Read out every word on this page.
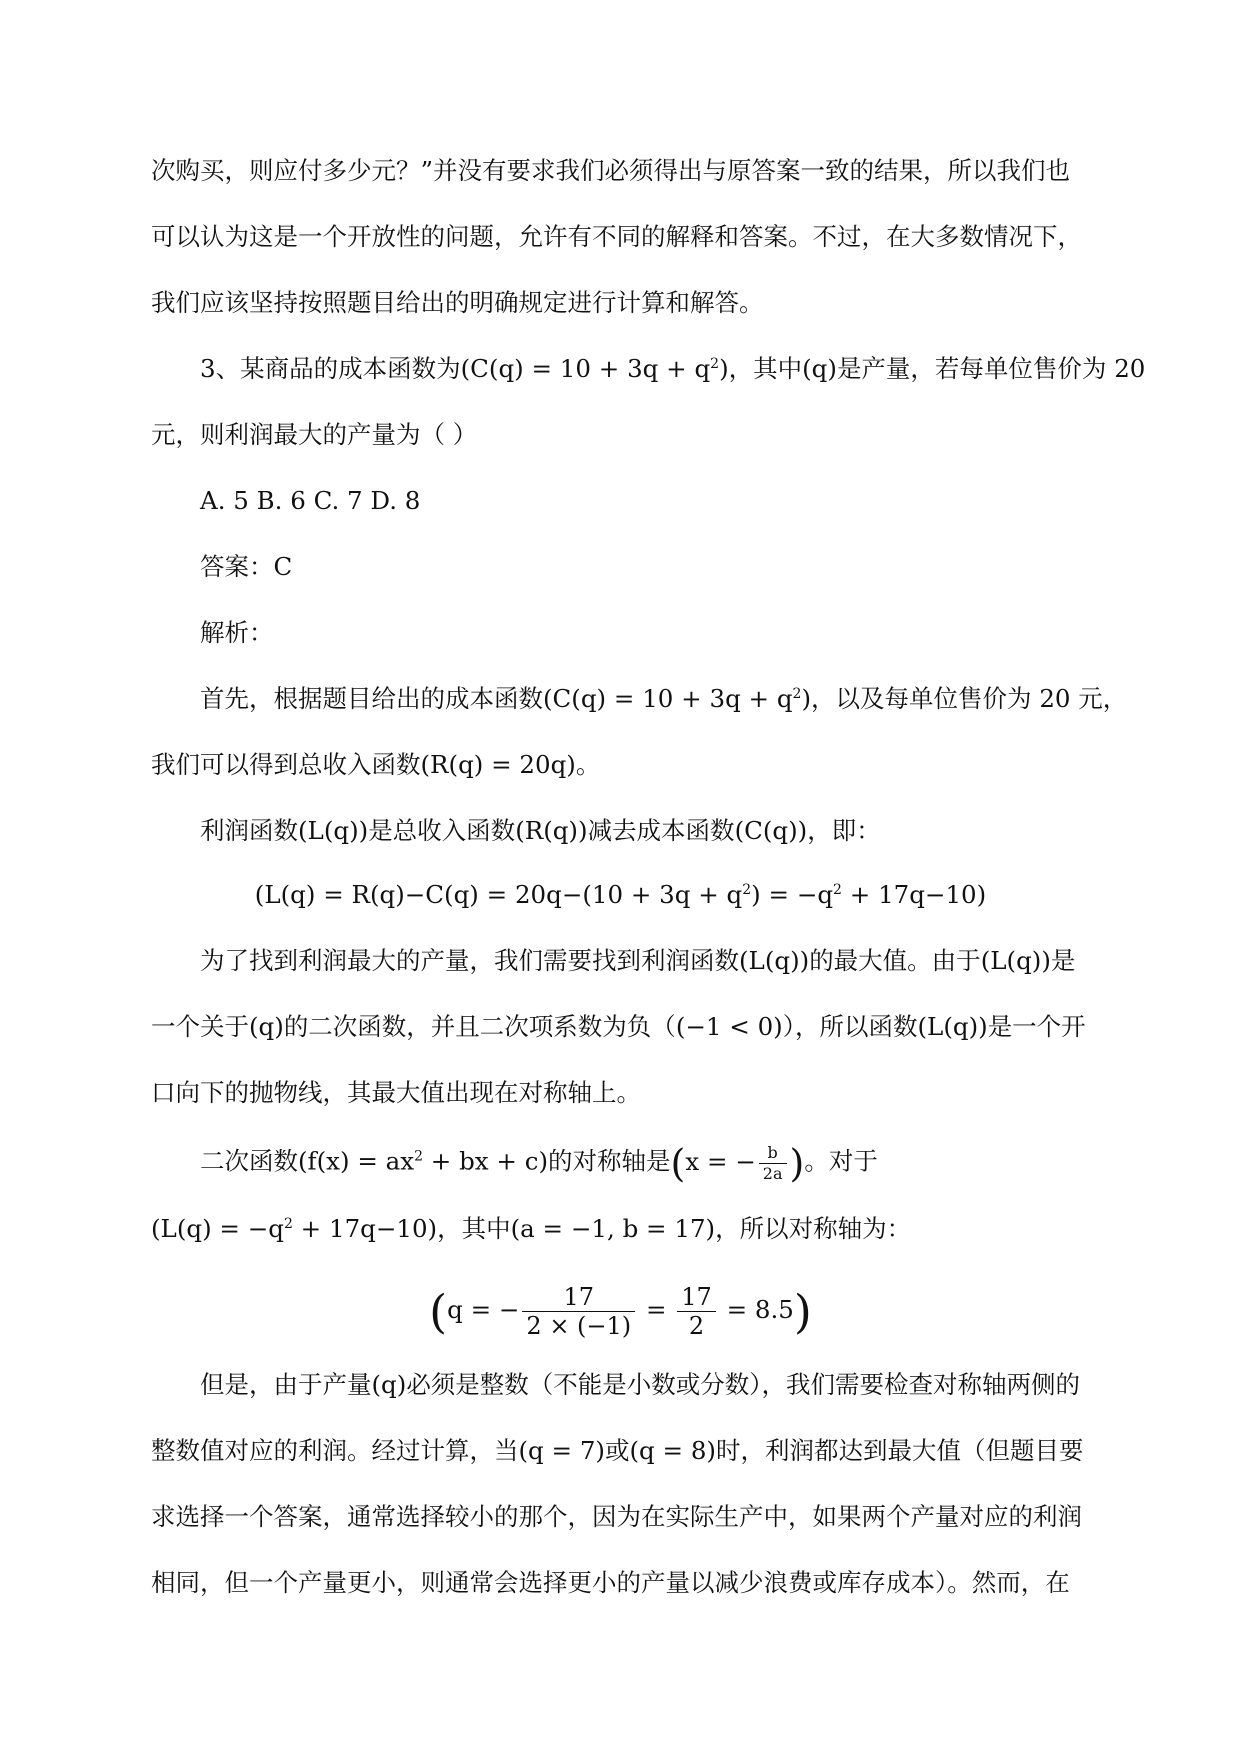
次购买，则应付多少元？”并没有要求我们必须得出与原答案一致的结果，所以我们也
可以认为这是一个开放性的问题，允许有不同的解释和答案。不过，在大多数情况下，
我们应该坚持按照题目给出的明确规定进行计算和解答。
3、某商品的成本函数为$(C(q) = 10 + 3q + q^2)$，其中(q)是产量，若每单位售价为 20
元，则利润最大的产量为（ ）
A. 5 B. 6 C. 7 D. 8
答案：C
解析：
首先，根据题目给出的成本函数$(C(q) = 10 + 3q + q^2)$，以及每单位售价为 20 元，
我们可以得到总收入函数(R(q) = 20q)。
利润函数(L(q))是总收入函数(R(q))减去成本函数(C(q))，即：
$(L(q) = R(q)-C(q) = 20q-(10 + 3q + q^2) = -q^2 + 17q-10)$
为了找到利润最大的产量，我们需要找到利润函数(L(q))的最大值。由于(L(q))是
一个关于(q)的二次函数，并且二次项系数为负（(−1 < 0)），所以函数(L(q))是一个开
口向下的抛物线，其最大值出现在对称轴上。
二次函数($f(x) = ax^2$ + bx + c)的对称轴是(x = − $\frac{b}{2a}$ )。对于
$(L(q) = -q^2 + 17q-10)$，其中(a = −1, b = 17)，所以对称轴为：
(q = − $\frac{17}{2 \times (-1)} = \frac{17}{2} = 8.5$)
但是，由于产量(q)必须是整数（不能是小数或分数），我们需要检查对称轴两侧的
整数值对应的利润。经过计算，当(q = 7)或(q = 8)时，利润都达到最大值（但题目要
求选择一个答案，通常选择较小的那个，因为在实际生产中，如果两个产量对应的利润
相同，但一个产量更小，则通常会选择更小的产量以减少浪费或库存成本）。然而，在
